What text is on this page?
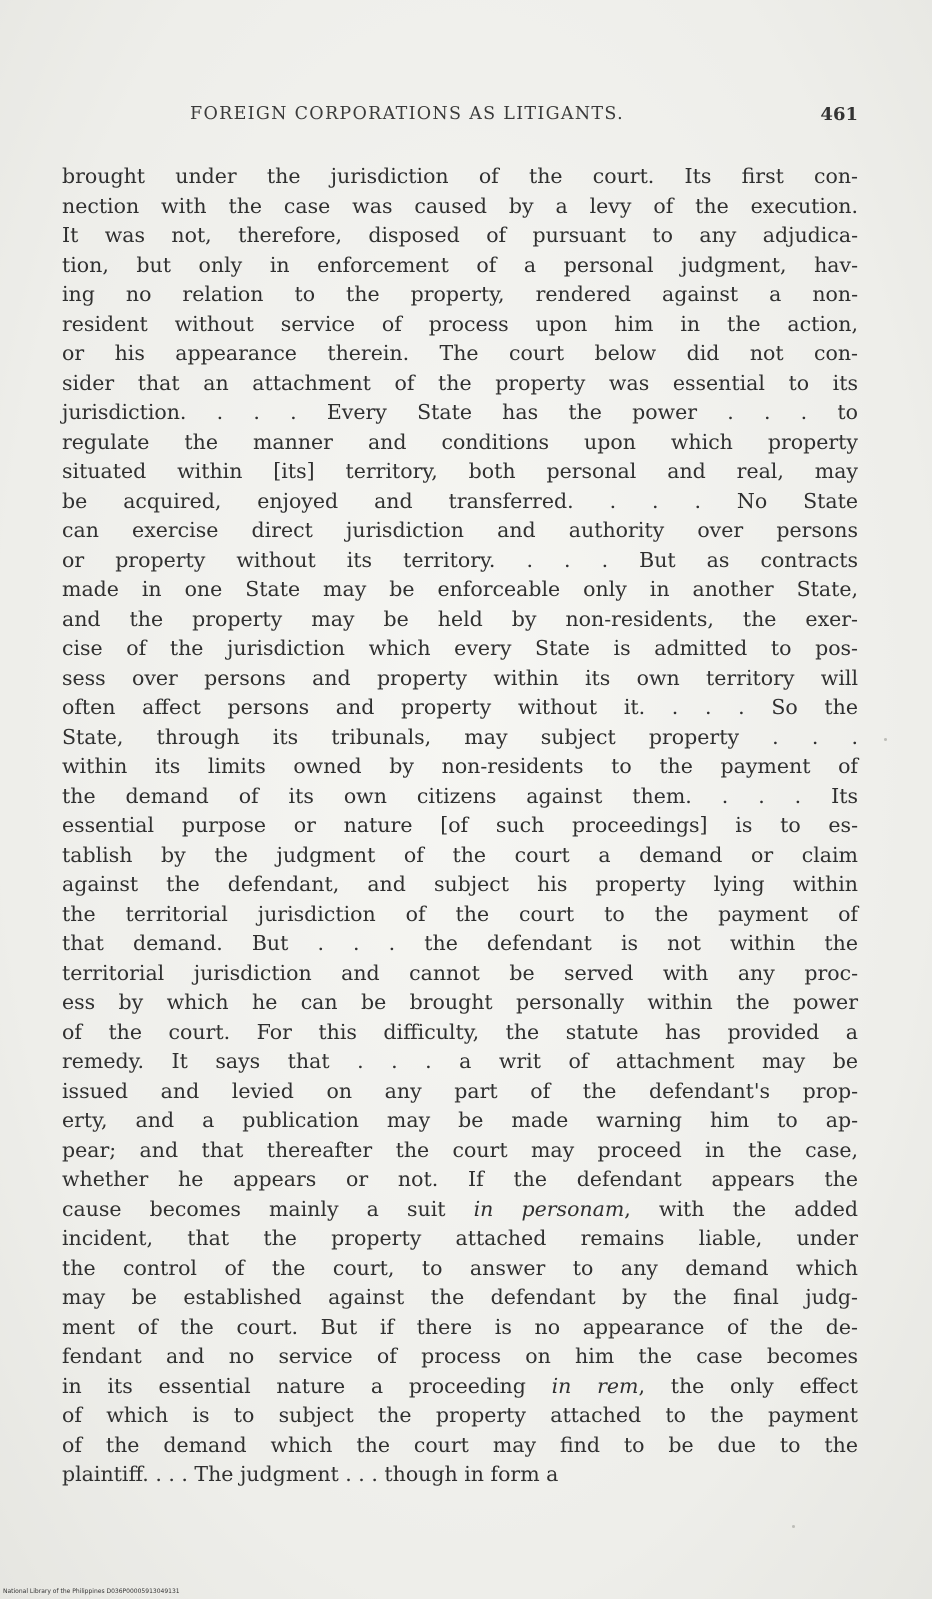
FOREIGN CORPORATIONS AS LITIGANTS.	461
brought under the jurisdiction of the court. Its first con-
nection with the case was caused by a levy of the execution.
It was not, therefore, disposed of pursuant to any adjudica-
tion, but only in enforcement of a personal judgment, hav-
ing no relation to the property, rendered against a non-
resident without service of process upon him in the action,
or his appearance therein. The court below did not con-
sider that an attachment of the property was essential to its
jurisdiction. . . . Every State has the power . . . to
regulate the manner and conditions upon which property
situated within [its] territory, both personal and real, may
be acquired, enjoyed and transferred. . . . No State
can exercise direct jurisdiction and authority over persons
or property without its territory. . . . But as contracts
made in one State may be enforceable only in another State,
and the property may be held by non-residents, the exer-
cise of the jurisdiction which every State is admitted to pos-
sess over persons and property within its own territory will
often affect persons and property without it. . . . So the
State, through its tribunals, may subject property . . .
within its limits owned by non-residents to the payment of
the demand of its own citizens against them. . . . Its
essential purpose or nature [of such proceedings] is to es-
tablish by the judgment of the court a demand or claim
against the defendant, and subject his property lying within
the territorial jurisdiction of the court to the payment of
that demand. But . . . the defendant is not within the
territorial jurisdiction and cannot be served with any proc-
ess by which he can be brought personally within the power
of the court. For this difficulty, the statute has provided a
remedy. It says that . . . a writ of attachment may be
issued and levied on any part of the defendant's prop-
erty, and a publication may be made warning him to ap-
pear; and that thereafter the court may proceed in the case,
whether he appears or not. If the defendant appears the
cause becomes mainly a suit in personam, with the added
incident, that the property attached remains liable, under
the control of the court, to answer to any demand which
may be established against the defendant by the final judg-
ment of the court. But if there is no appearance of the de-
fendant and no service of process on him the case becomes
in its essential nature a proceeding in rem, the only effect
of which is to subject the property attached to the payment
of the demand which the court may find to be due to the
plaintiff. . . . The judgment . . . though in form a
National Library of the Philippines D036P00005913049131
